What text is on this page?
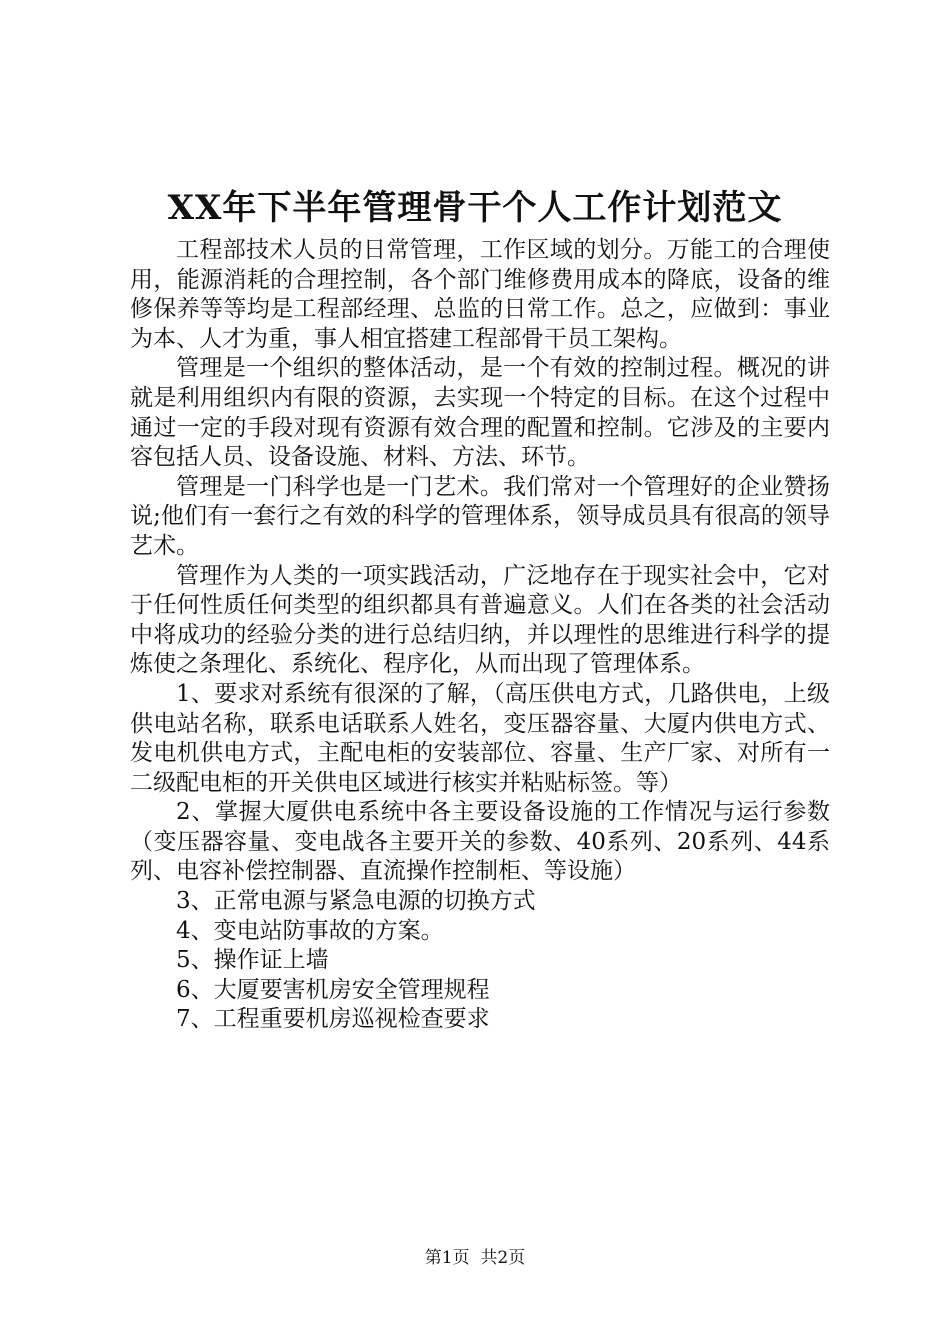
XX年下半年管理骨干个人工作计划范文

工程部技术人员的日常管理，工作区域的划分。万能工的合理使用，能源消耗的合理控制，各个部门维修费用成本的降底，设备的维修保养等等均是工程部经理、总监的日常工作。总之，应做到：事业为本、人才为重，事人相宜搭建工程部骨干员工架构。

管理是一个组织的整体活动，是一个有效的控制过程。概况的讲就是利用组织内有限的资源，去实现一个特定的目标。在这个过程中通过一定的手段对现有资源有效合理的配置和控制。它涉及的主要内容包括人员、设备设施、材料、方法、环节。

管理是一门科学也是一门艺术。我们常对一个管理好的企业赞扬说;他们有一套行之有效的科学的管理体系，领导成员具有很高的领导艺术。

管理作为人类的一项实践活动，广泛地存在于现实社会中，它对于任何性质任何类型的组织都具有普遍意义。人们在各类的社会活动中将成功的经验分类的进行总结归纳，并以理性的思维进行科学的提炼使之条理化、系统化、程序化，从而出现了管理体系。

1、要求对系统有很深的了解，（高压供电方式，几路供电，上级供电站名称，联系电话联系人姓名，变压器容量、大厦内供电方式、发电机供电方式，主配电柜的安装部位、容量、生产厂家、对所有一二级配电柜的开关供电区域进行核实并粘贴标签。等）

2、掌握大厦供电系统中各主要设备设施的工作情况与运行参数（变压器容量、变电战各主要开关的参数、40系列、20系列、44系列、电容补偿控制器、直流操作控制柜、等设施）

3、正常电源与紧急电源的切换方式

4、变电站防事故的方案。

5、操作证上墙

6、大厦要害机房安全管理规程

7、工程重要机房巡视检查要求

第1页 共2页
